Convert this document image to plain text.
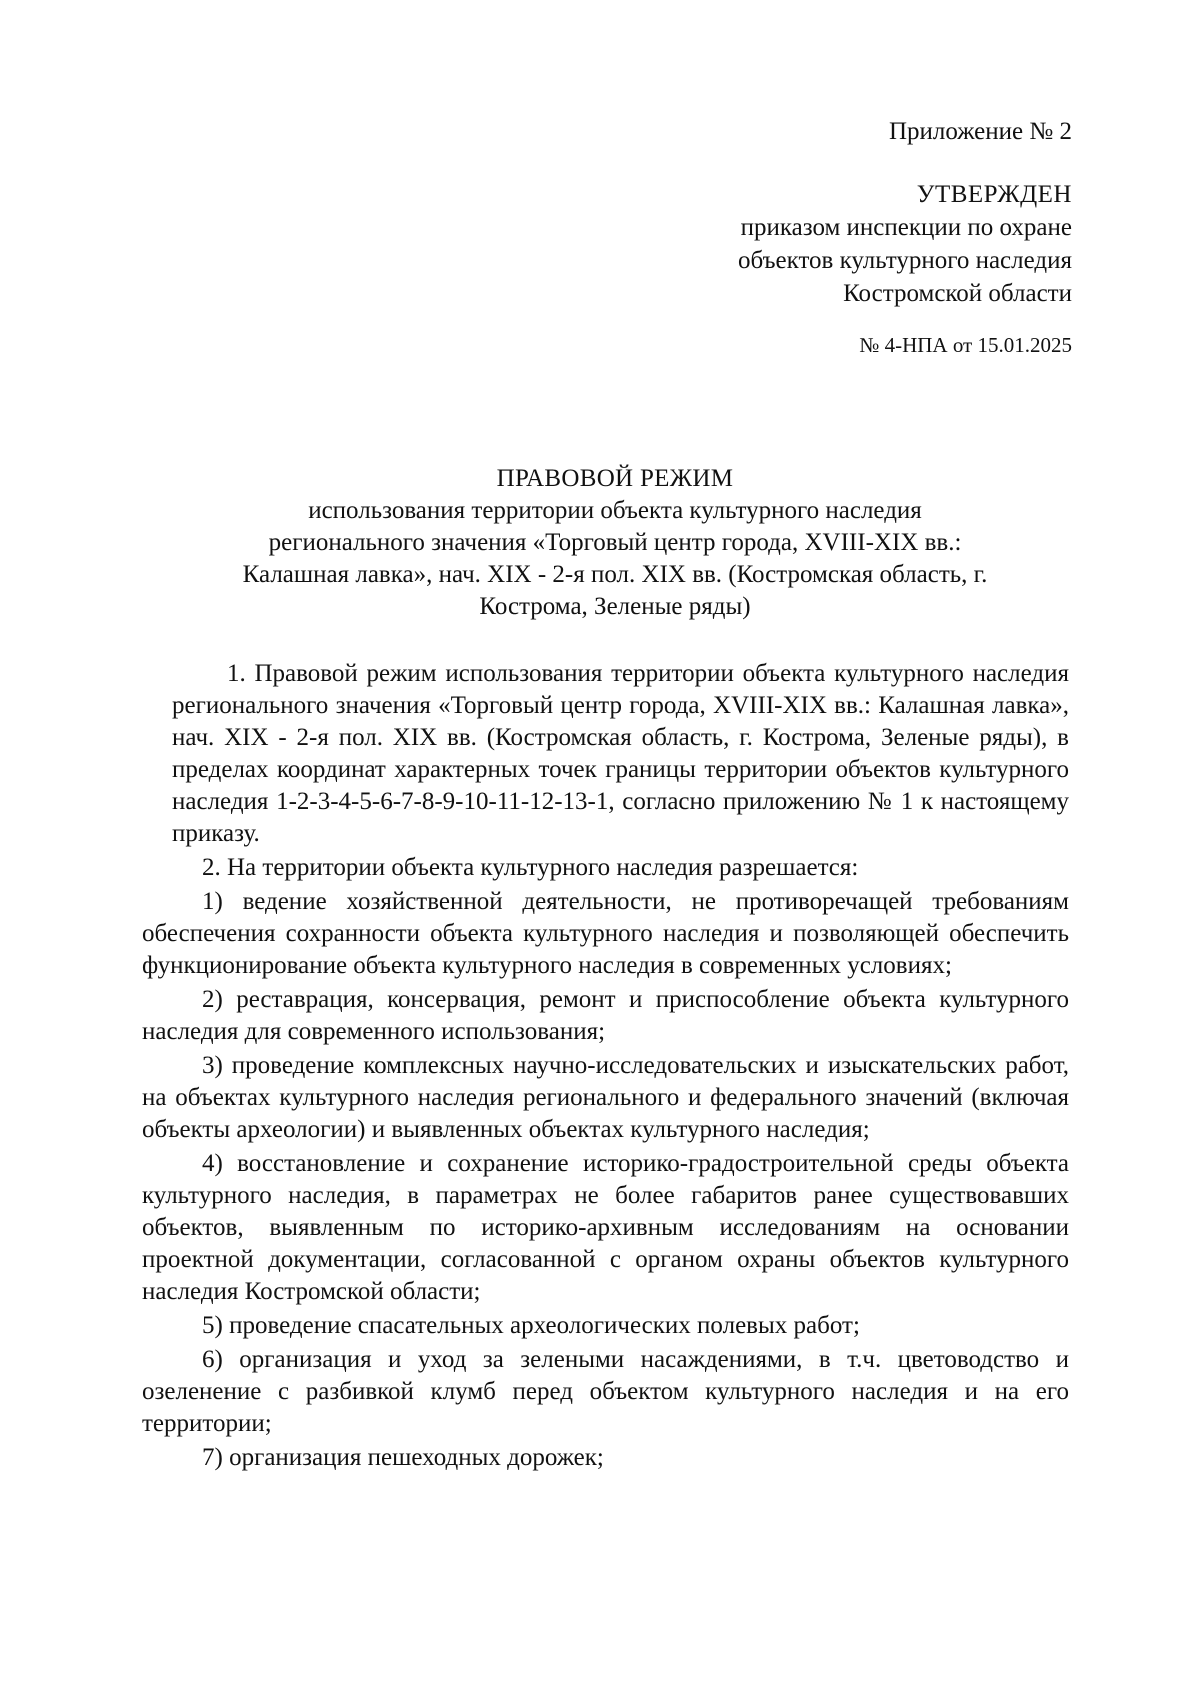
Приложение № 2
УТВЕРЖДЕН
приказом инспекции по охране
объектов культурного наследия
Костромской области
№ 4-НПА от 15.01.2025
ПРАВОВОЙ РЕЖИМ
использования территории объекта культурного наследия
регионального значения «Торговый центр города, XVIII-XIX вв.:
Калашная лавка», нач. XIX - 2-я пол. XIX вв. (Костромская область, г.
Кострома, Зеленые ряды)

1. Правовой режим использования территории объекта культурного наследия регионального значения «Торговый центр города, XVIII-XIX вв.: Калашная лавка», нач. XIX - 2-я пол. XIX вв. (Костромская область, г. Кострома, Зеленые ряды), в пределах координат характерных точек границы территории объектов культурного наследия 1-2-3-4-5-6-7-8-9-10-11-12-13-1, согласно приложению № 1 к настоящему приказу.

2. На территории объекта культурного наследия разрешается:

1) ведение хозяйственной деятельности, не противоречащей требованиям обеспечения сохранности объекта культурного наследия и позволяющей обеспечить функционирование объекта культурного наследия в современных условиях;

2) реставрация, консервация, ремонт и приспособление объекта культурного наследия для современного использования;

3) проведение комплексных научно-исследовательских и изыскательских работ, на объектах культурного наследия регионального и федерального значений (включая объекты археологии) и выявленных объектах культурного наследия;

4) восстановление и сохранение историко-градостроительной среды объекта культурного наследия, в параметрах не более габаритов ранее существовавших объектов, выявленным по историко-архивным исследованиям на основании проектной документации, согласованной с органом охраны объектов культурного наследия Костромской области;

5) проведение спасательных археологических полевых работ;

6) организация и уход за зелеными насаждениями, в т.ч. цветоводство и озеленение с разбивкой клумб перед объектом культурного наследия и на его территории;

7) организация пешеходных дорожек;
